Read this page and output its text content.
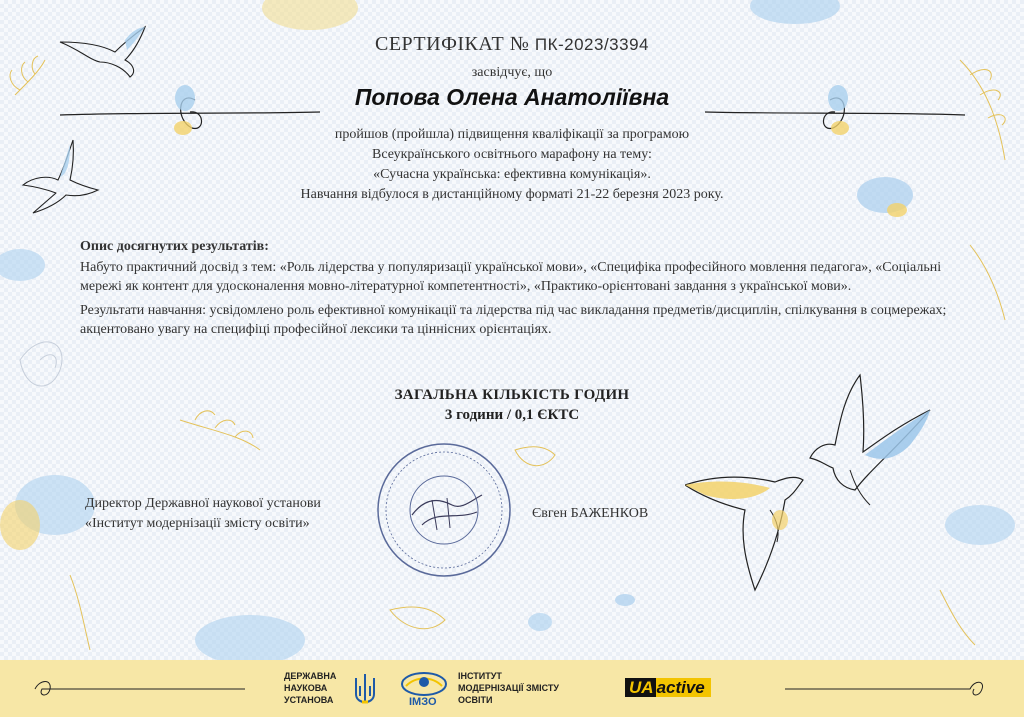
СЕРТИФІКАТ № ПК-2023/3394
засвідчує, що
Попова Олена Анатоліївна
пройшов (пройшла) підвищення кваліфікації за програмою
Всеукраїнського освітнього марафону на тему:
«Сучасна українська: ефективна комунікація».
Навчання відбулося в дистанційному форматі 21-22 березня 2023 року.
Опис досягнутих результатів:

Набуто практичний досвід з тем: «Роль лідерства у популяризації української мови», «Специфіка професійного мовлення педагога», «Соціальні мережі як контент для удосконалення мовно-літературної компетентності», «Практико-орієнтовані завдання з української мови».

Результати навчання: усвідомлено роль ефективної комунікації та лідерства під час викладання предметів/дисциплін, спілкування в соцмережах; акцентовано увагу на специфіці професійної лексики та ціннісних орієнтаціях.

ЗАГАЛЬНА КІЛЬКІСТЬ ГОДИН
3 години / 0,1 ЄКТС
Директор Державної наукової установи
«Інститут модернізації змісту освіти»
Євген БАЖЕНКОВ
ДЕРЖАВНА
НАУКОВА
УСТАНОВА	ІМЗО
ІНСТИТУТ
МОДЕРНІЗАЦІЇ ЗМІСТУ
ОСВІТИ
UA active
